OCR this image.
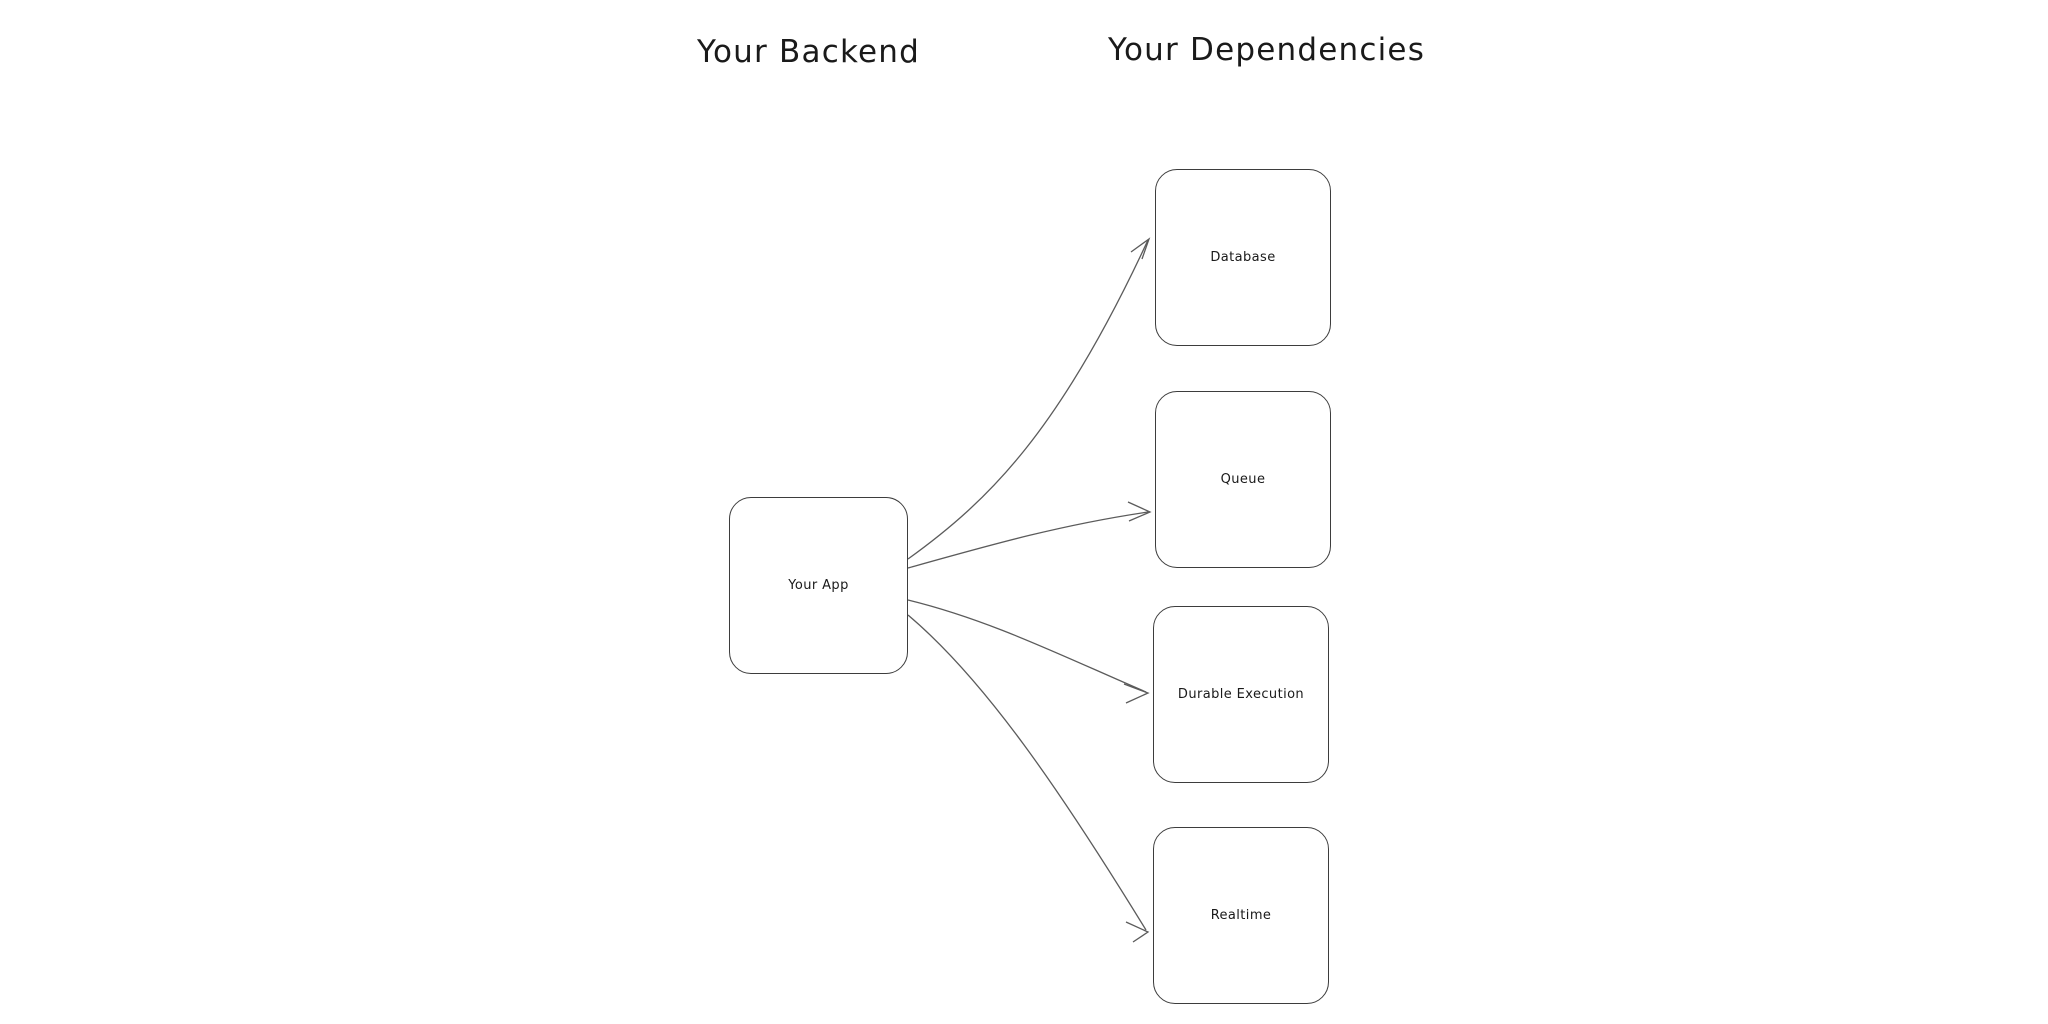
Your Backend	Your Dependencies
Your App
Database
Queue
Durable Execution
Realtime
